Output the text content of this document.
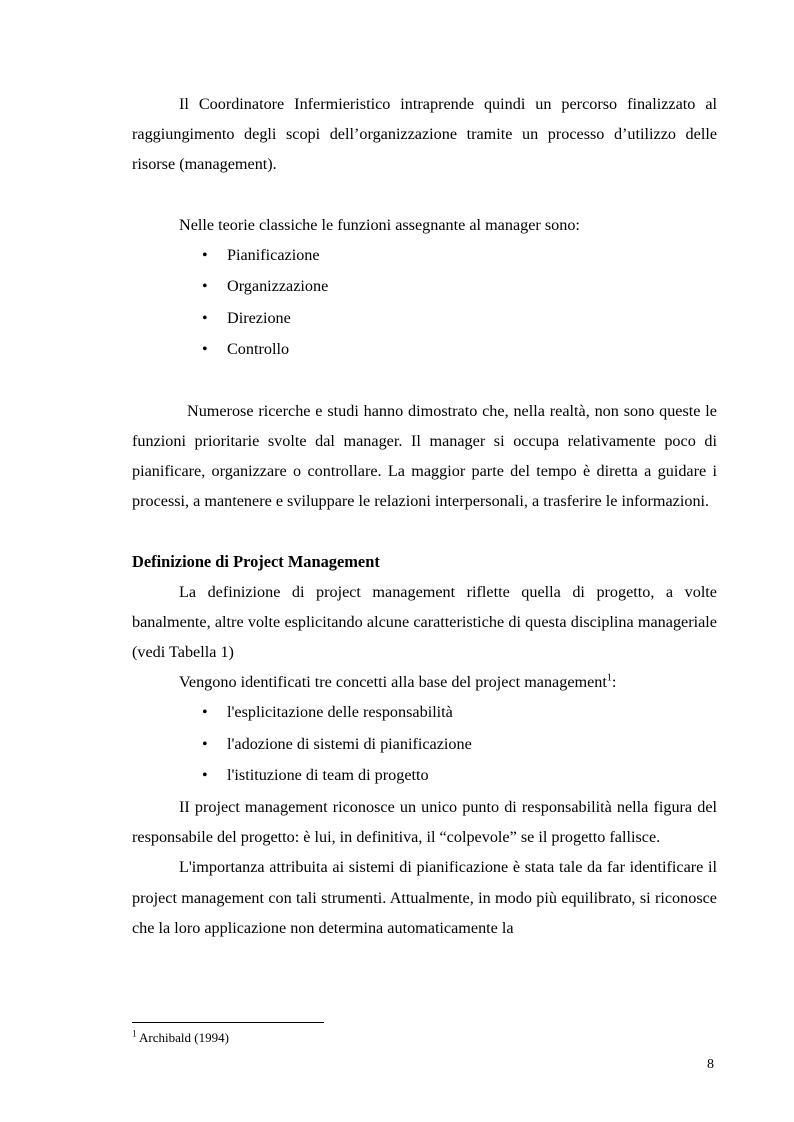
Il Coordinatore Infermieristico intraprende quindi un percorso finalizzato al raggiungimento degli scopi dell’organizzazione tramite un processo d’utilizzo delle risorse (management).

Nelle teorie classiche le funzioni assegnante al manager sono:

• Pianificazione
• Organizzazione
• Direzione
• Controllo

Numerose ricerche e studi hanno dimostrato che, nella realtà, non sono queste le funzioni prioritarie svolte dal manager. Il manager si occupa relativamente poco di pianificare, organizzare o controllare. La maggior parte del tempo è diretta a guidare i processi, a mantenere e sviluppare le relazioni interpersonali, a trasferire le informazioni.

Definizione di Project Management

La definizione di project management riflette quella di progetto, a volte banalmente, altre volte esplicitando alcune caratteristiche di questa disciplina manageriale (vedi Tabella 1)

Vengono identificati tre concetti alla base del project management$^1$:

• l'esplicitazione delle responsabilità
• l'adozione di sistemi di pianificazione
• l'istituzione di team di progetto

II project management riconosce un unico punto di responsabilità nella figura del responsabile del progetto: è lui, in definitiva, il “colpevole” se il progetto fallisce.

L'importanza attribuita ai sistemi di pianificazione è stata tale da far identificare il project management con tali strumenti. Attualmente, in modo più equilibrato, si riconosce che la loro applicazione non determina automaticamente la

$^1$ Archibald (1994)
8
